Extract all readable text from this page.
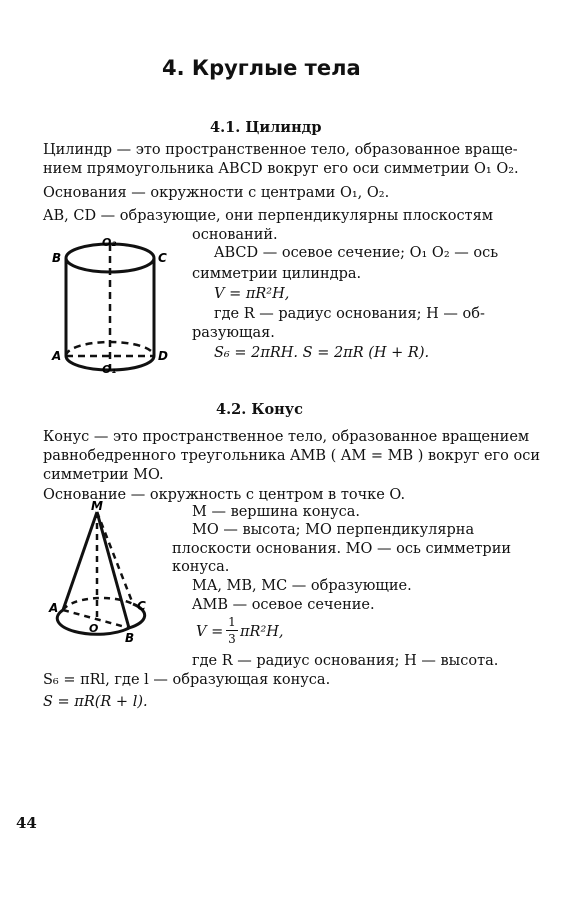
4. Круглые тела
4.1. Цилиндр
Цилиндр — это пространственное тело, образованное враще-
нием прямоугольника ABCD вокруг его оси симметрии O₁ O₂.
Основания — окружности с центрами O₁, O₂.
AB, CD — образующие, они перпендикулярны плоскостям
оснований.
ABCD — осевое сечение; O₁ O₂ — ось
симметрии цилиндра.
V = πR²H,
где R — радиус основания; H — об-
разующая.
S₆ = 2πRH. S = 2πR (H + R).
B	C
A	D
O₂
O₁
4.2. Конус
Конус — это пространственное тело, образованное вращением
равнобедренного треугольника AMB ( AM = MB ) вокруг его оси
симметрии MO.
Основание — окружность с центром в точке O.
M — вершина конуса.
MO — высота; MO перпендикулярна
плоскости основания. MO — ось симметрии
конуса.
MA, MB, MC — образующие.
AMB — осевое сечение.
V =
1
3 πR²H,
где R — радиус основания; H — высота.
S₆ = πRl, где l — образующая конуса.
S = πR(R + l).
M
A	C
O
B
44
